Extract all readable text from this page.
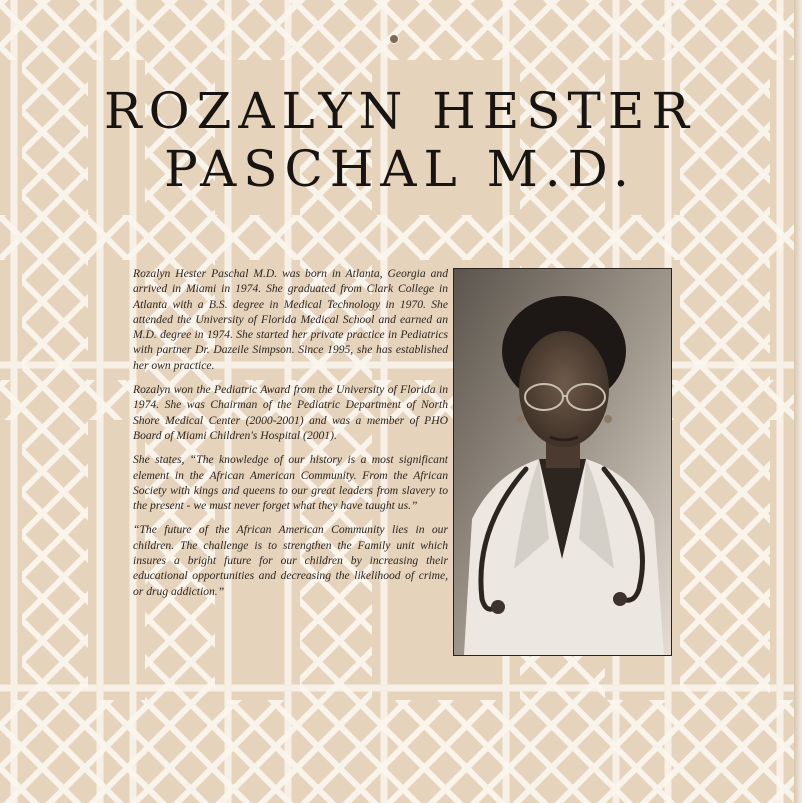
ROZALYN HESTER
PASCHAL M.D.

Rozalyn Hester Paschal M.D. was born in Atlanta, Georgia and arrived in Miami in 1974. She graduated from Clark College in Atlanta with a B.S. degree in Medical Technology in 1970. She attended the University of Florida Medical School and earned an M.D. degree in 1974. She started her private practice in Pediatrics with partner Dr. Dazeile Simpson. Since 1995, she has established her own practice.

Rozalyn won the Pediatric Award from the University of Florida in 1974. She was Chairman of the Pediatric Department of North Shore Medical Center (2000-2001) and was a member of PHO Board of Miami Children's Hospital (2001).

She states, “The knowledge of our history is a most significant element in the African American Community. From the African Society with kings and queens to our great leaders from slavery to the present - we must never forget what they have taught us.”

“The future of the African American Community lies in our children. The challenge is to strengthen the Family unit which insures a bright future for our children by increasing their educational opportunities and decreasing the likelihood of crime, or drug addiction.”
